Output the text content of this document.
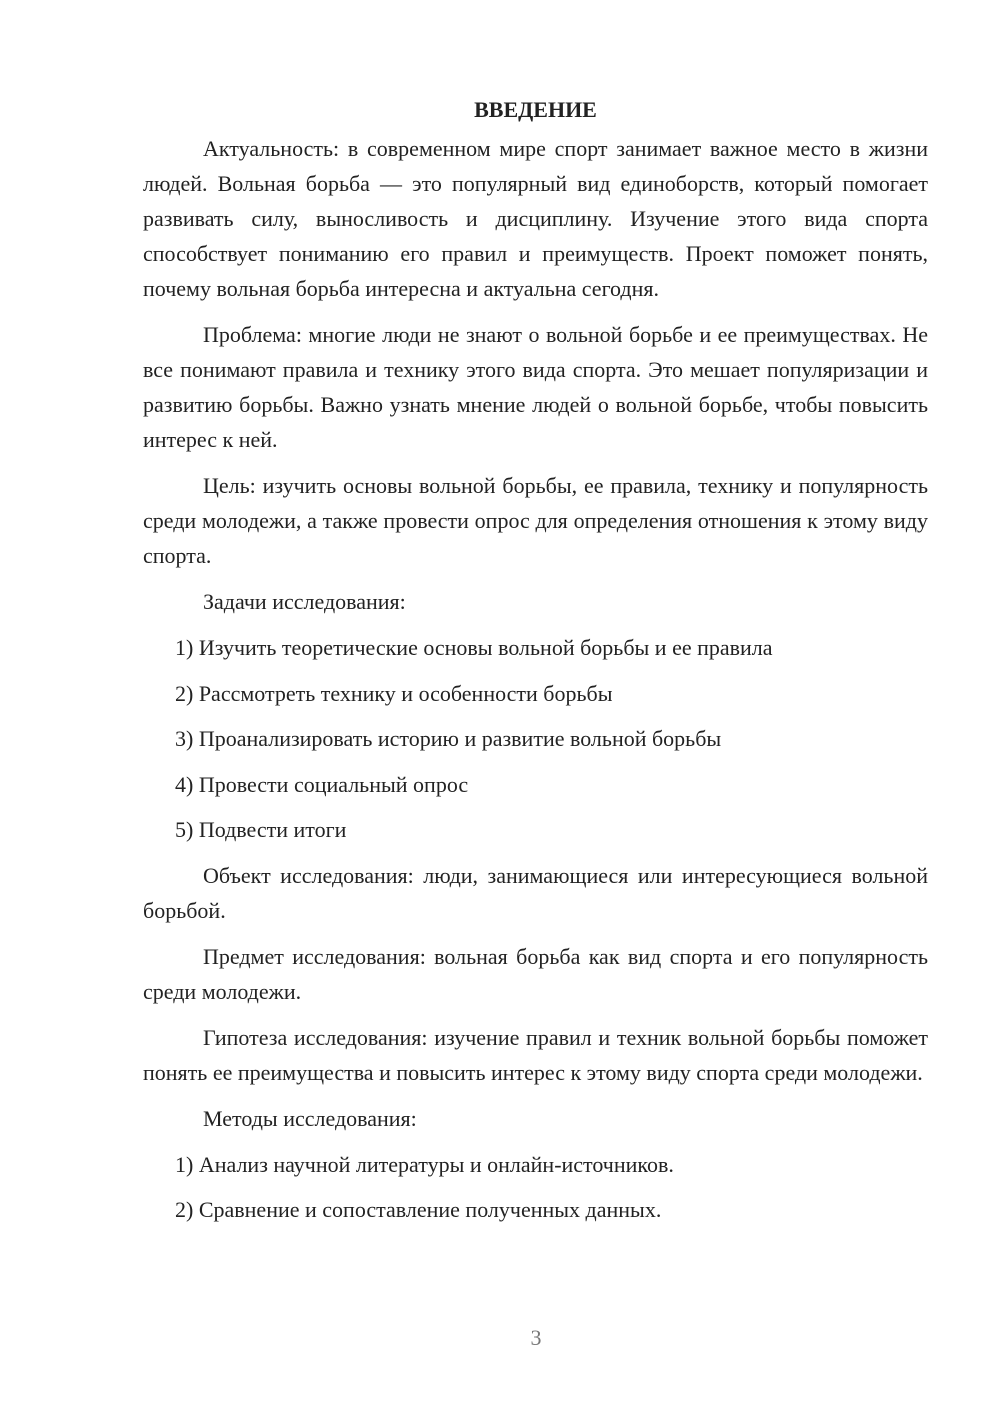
ВВЕДЕНИЕ

Актуальность: в современном мире спорт занимает важное место в жизни людей. Вольная борьба — это популярный вид единоборств, который помогает развивать силу, выносливость и дисциплину. Изучение этого вида спорта способствует пониманию его правил и преимуществ. Проект поможет понять, почему вольная борьба интересна и актуальна сегодня.

Проблема: многие люди не знают о вольной борьбе и ее преимуществах. Не все понимают правила и технику этого вида спорта. Это мешает популяризации и развитию борьбы. Важно узнать мнение людей о вольной борьбе, чтобы повысить интерес к ней.

Цель: изучить основы вольной борьбы, ее правила, технику и популярность среди молодежи, а также провести опрос для определения отношения к этому виду спорта.

Задачи исследования:

1) Изучить теоретические основы вольной борьбы и ее правила
2) Рассмотреть технику и особенности борьбы
3) Проанализировать историю и развитие вольной борьбы
4) Провести социальный опрос
5) Подвести итоги

Объект исследования: люди, занимающиеся или интересующиеся вольной борьбой.

Предмет исследования: вольная борьба как вид спорта и его популярность среди молодежи.

Гипотеза исследования: изучение правил и техник вольной борьбы поможет понять ее преимущества и повысить интерес к этому виду спорта среди молодежи.

Методы исследования:

1) Анализ научной литературы и онлайн-источников.
2) Сравнение и сопоставление полученных данных.
3
